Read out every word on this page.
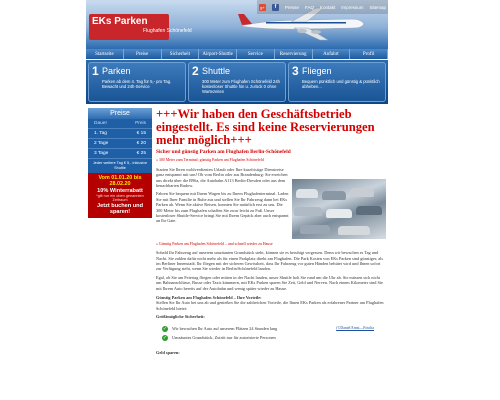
EKs Parken
Flughafen Schönefeld
g+	f	Presse FAQ Kontakt Impressum Sitemap
Startseite	Preise	Sicherheit	Airport-Shuttle	Service	Reservierung	Anfahrt	Profil
1 Parken
Parken ab dem 4. Tag für 5,- pro Tag. Bewacht und 24h-Service
2 Shuttle
300 Meter zum Flughafen Schönefeld 24h kostenloser Shuttle hin u. zurück 0 ohne Wartezeiten
3 Fliegen
Bequem pünktlich und günstig & pünktlich abheben...
Preise
Dauer	Preis
1. Tag	€ 15
2 Tage	€ 20
3 Tage	€ 25
Jeder weitere Tag € 5,- inklusive Shuttle
Vom 01.01.20 bis 28.02.20
10% Winterrabatt
*gilt nur ein oben genannten Zeitraum
Jetzt buchen und sparen!
+++Wir haben den Geschäftsbetrieb eingestellt. Es sind keine Reservierungen mehr möglich+++
Sicher und günstig Parken am Flughafen Berlin-Schönefeld
» 300 Meter zum Terminal: günstig Parken am Flughafen Schönefeld

Starten Sie Ihren wohlverdienten Urlaub oder Ihre kurzfristige Dienstreise ganz entspannt mit uns! Ob vom Berlin oder aus Brandenburg: Sie erreichen uns direkt über die B96a, die Autobahn A113 Berlin-Dresden oder aus dem benachbarten Rudow.

Fahren Sie bequem mit Ihrem Wagen bis zu Ihrem Flughafenterminal. Laden Sie mit Ihrer Familie in Ruhe aus und stellen Sie Ihr Fahrzeug dann bei EKs Parken ab. Wenn Sie aktive Reisen, konnten Sie natürlich erst zu uns. Die 300 Meter bis zum Flughafen schaffen Sie zwar leicht zu Fuß. Unser kostenloser Shuttle-Service bringt Sie mit Ihrem Gepäck aber auch entspannt an Ihr Gate.

» Günstig Parken am Flughafen Schönefeld – und schnell wieder zu Hause

Sobald Ihr Fahrzeug auf unserem umzäunten Grundstück steht, können sie es beruhigt vergessen. Denn wir bewachen es Tag und Nacht. Sie zahlen dafür nicht mehr als für einen Parkplatz direkt am Flughafen. Die Park Kosten von EKs Parken sind günstiger, als im Berliner Innenstadt. Ihr fliegen mit der sicheren Gewissheit, dass Ihr Fahrzeug vor guten Händen behütet wird und Ihnen sofort zur Verfügung steht, wenn Sie wieder in Berlin/Schönefeld landen.

Egal, ob Sie am Feiertag fliegen oder mitten in der Nacht landen, unser Shuttle holt Sie rund um die Uhr ab. Sie müssen sich nicht um Bahnanschlüsse, Busse oder Taxis kümmern, mit EKs Parken sparen Sie Zeit, Geld und Nerven. Nach einem Kilometer sind Sie mit Ihrem Auto bereits auf der Autobahn und wenig später wieder zu Hause.

Günstig Parken am Flughafen Schönefeld – Ihre Vorteile:

Stellen Sie Ihr Auto bei uns ab und genießen Sie die zahlreichen Vorteile, die Ihnen EKs Parken als erfahrener Partner am Flughafen Schönefeld bietet:

Größtmögliche Sicherheit:

✓ Wir bewachen Ihr Auto auf unserem Plätzen 24 Stunden lang
✓ Umzäuntes Grundstück, Zutritt nur für autorisierte Personen
(©Daniel Ernst—Fotolia

Geld sparen:
